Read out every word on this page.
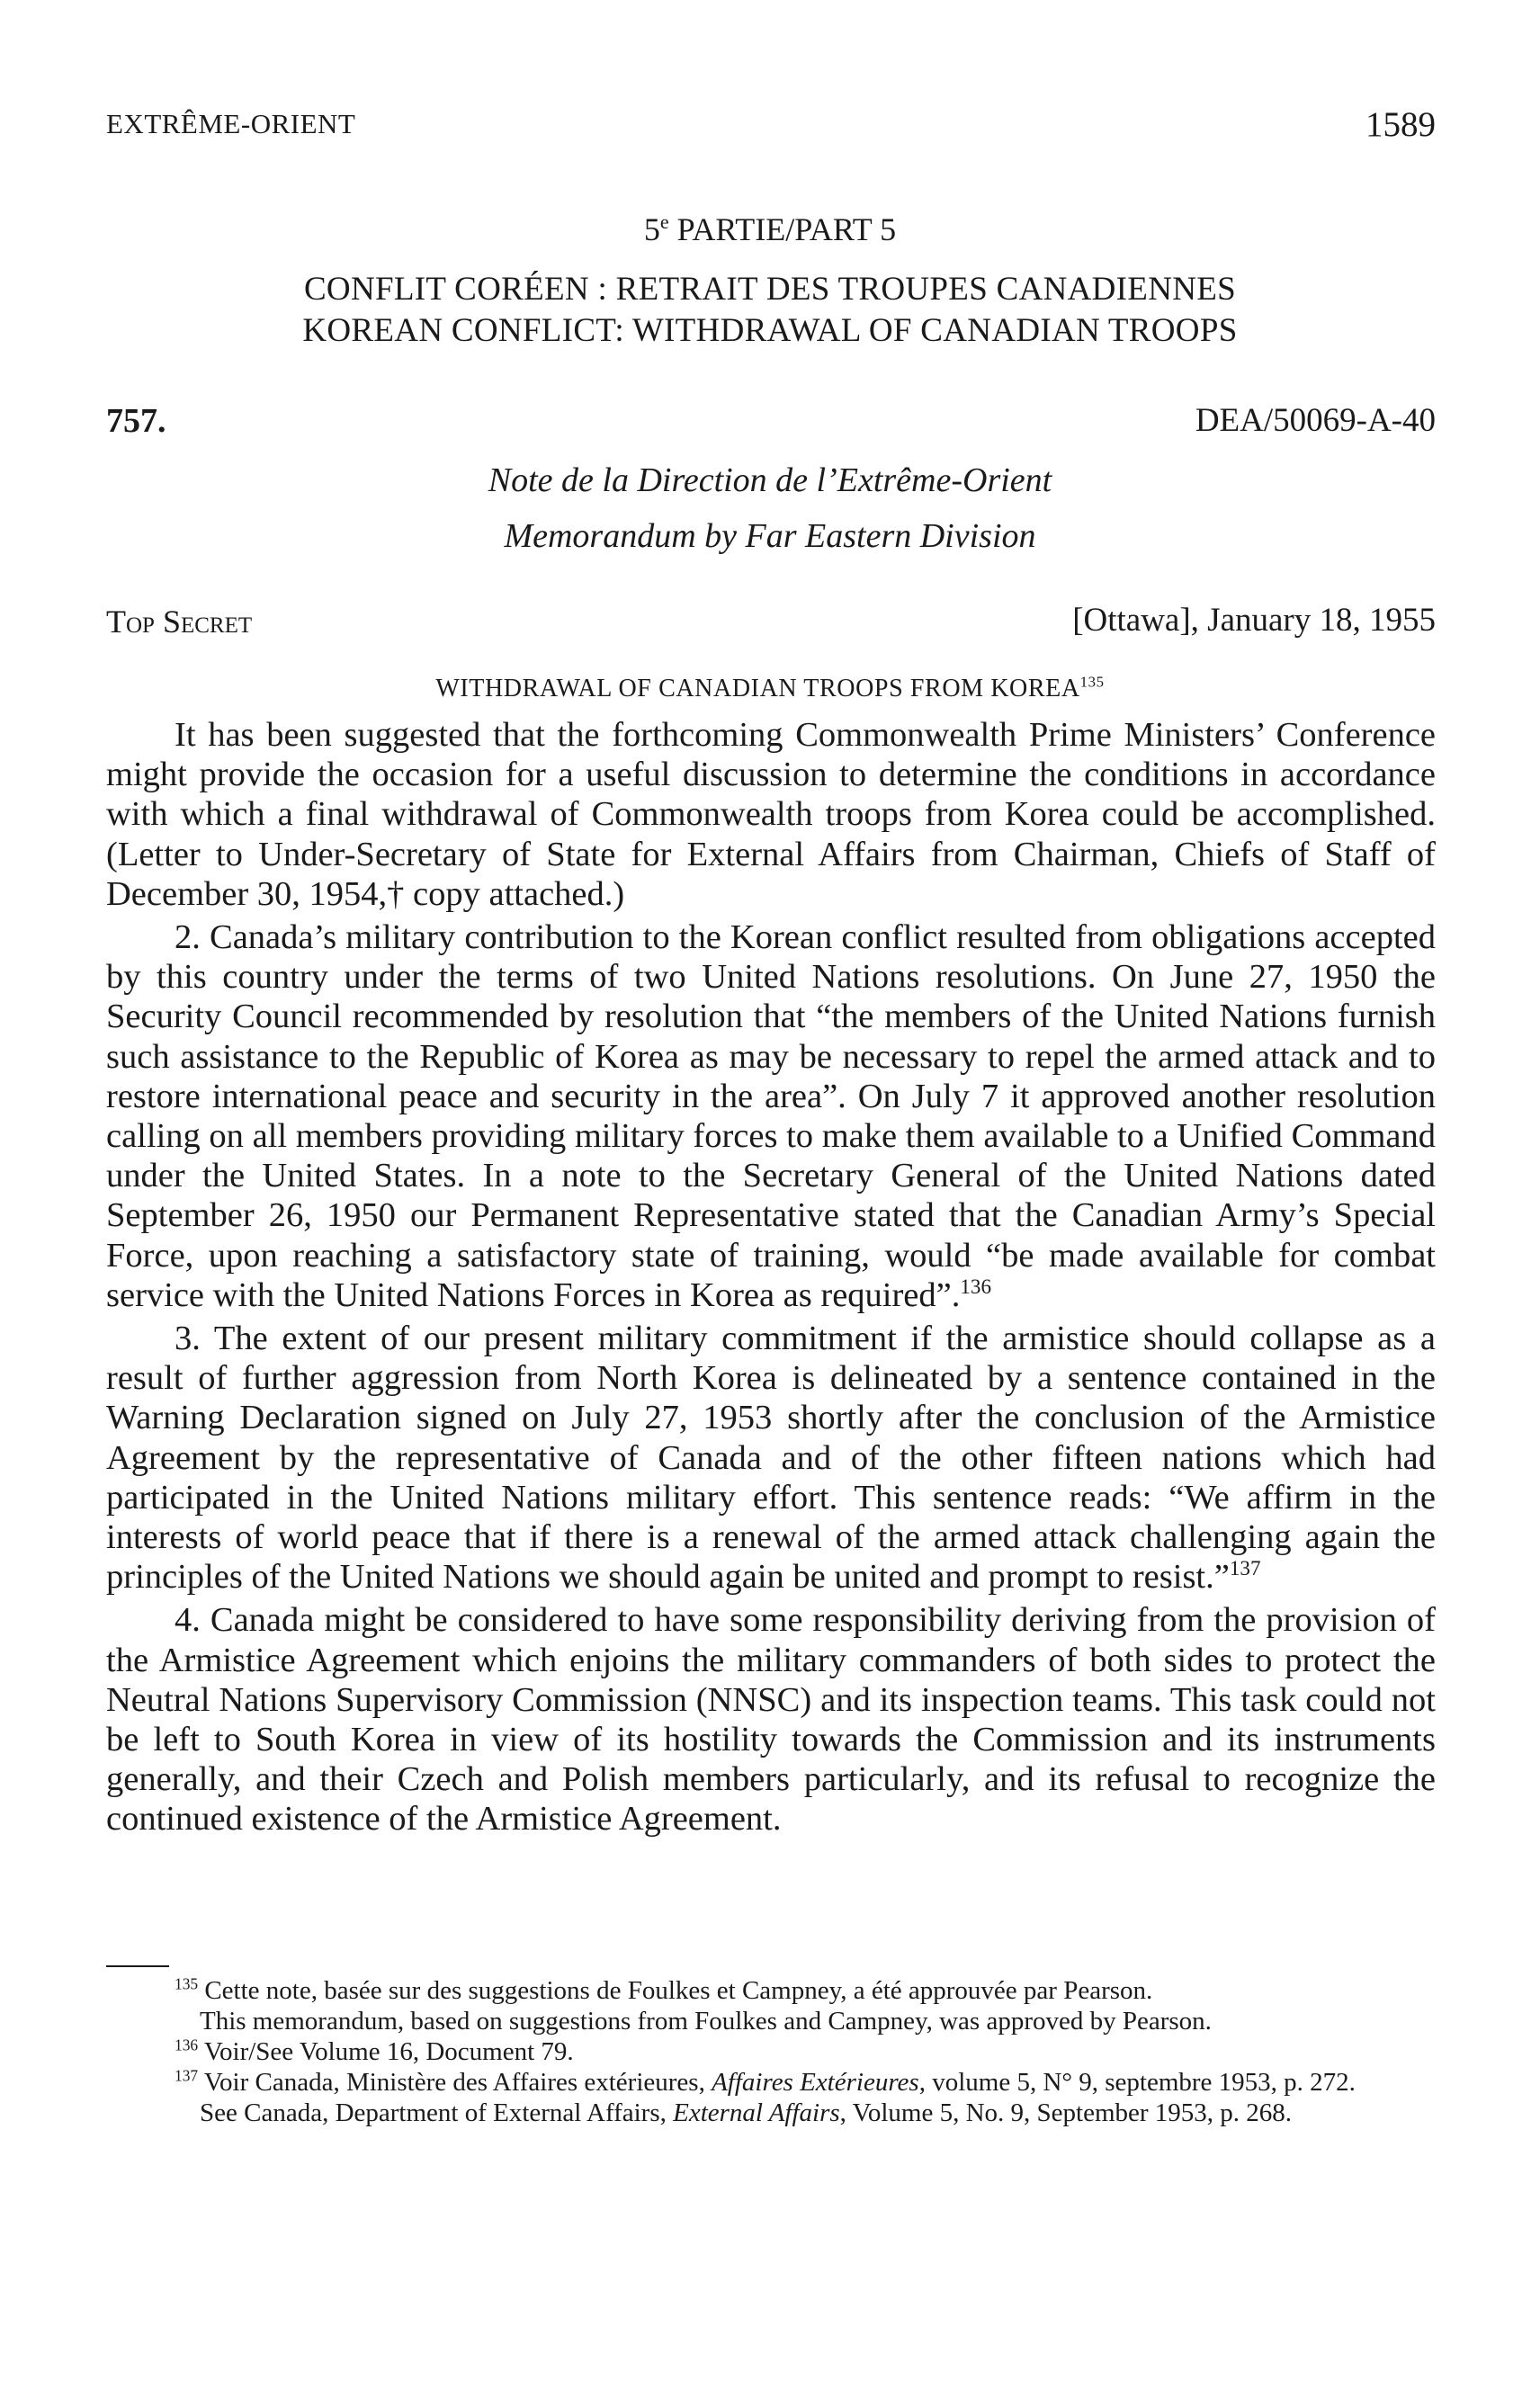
EXTRÊME-ORIENT	1589
5e PARTIE/PART 5
CONFLIT CORÉEN : RETRAIT DES TROUPES CANADIENNES
KOREAN CONFLICT: WITHDRAWAL OF CANADIAN TROOPS
757.	DEA/50069-A-40
Note de la Direction de l’Extrême-Orient
Memorandum by Far Eastern Division
Top Secret	[Ottawa], January 18, 1955
WITHDRAWAL OF CANADIAN TROOPS FROM KOREA$^{135}$

It has been suggested that the forthcoming Commonwealth Prime Ministers’ Conference might provide the occasion for a useful discussion to determine the conditions in accordance with which a final withdrawal of Commonwealth troops from Korea could be accomplished. (Letter to Under-Secretary of State for External Affairs from Chairman, Chiefs of Staff of December 30, 1954,† copy attached.)

2. Canada’s military contribution to the Korean conflict resulted from obligations accepted by this country under the terms of two United Nations resolutions. On June 27, 1950 the Security Council recommended by resolution that “the members of the United Nations furnish such assistance to the Republic of Korea as may be necessary to repel the armed attack and to restore international peace and security in the area”. On July 7 it approved another resolution calling on all members providing military forces to make them available to a Unified Command under the United States. In a note to the Secretary General of the United Nations dated September 26, 1950 our Permanent Representative stated that the Canadian Army’s Special Force, upon reaching a satisfactory state of training, would “be made available for combat service with the United Nations Forces in Korea as required”.$^{136}$

3. The extent of our present military commitment if the armistice should collapse as a result of further aggression from North Korea is delineated by a sentence contained in the Warning Declaration signed on July 27, 1953 shortly after the conclusion of the Armistice Agreement by the representative of Canada and of the other fifteen nations which had participated in the United Nations military effort. This sentence reads: “We affirm in the interests of world peace that if there is a renewal of the armed attack challenging again the principles of the United Nations we should again be united and prompt to resist.”$^{137}$

4. Canada might be considered to have some responsibility deriving from the provision of the Armistice Agreement which enjoins the military commanders of both sides to protect the Neutral Nations Supervisory Commission (NNSC) and its inspection teams. This task could not be left to South Korea in view of its hostility towards the Commission and its instruments generally, and their Czech and Polish members particularly, and its refusal to recognize the continued existence of the Armistice Agreement.

$^{135}$ Cette note, basée sur des suggestions de Foulkes et Campney, a été approuvée par Pearson.
This memorandum, based on suggestions from Foulkes and Campney, was approved by Pearson.
$^{136}$ Voir/See Volume 16, Document 79.
$^{137}$ Voir Canada, Ministère des Affaires extérieures, Affaires Extérieures, volume 5, N° 9, septembre 1953, p. 272.
See Canada, Department of External Affairs, External Affairs, Volume 5, No. 9, September 1953, p. 268.
